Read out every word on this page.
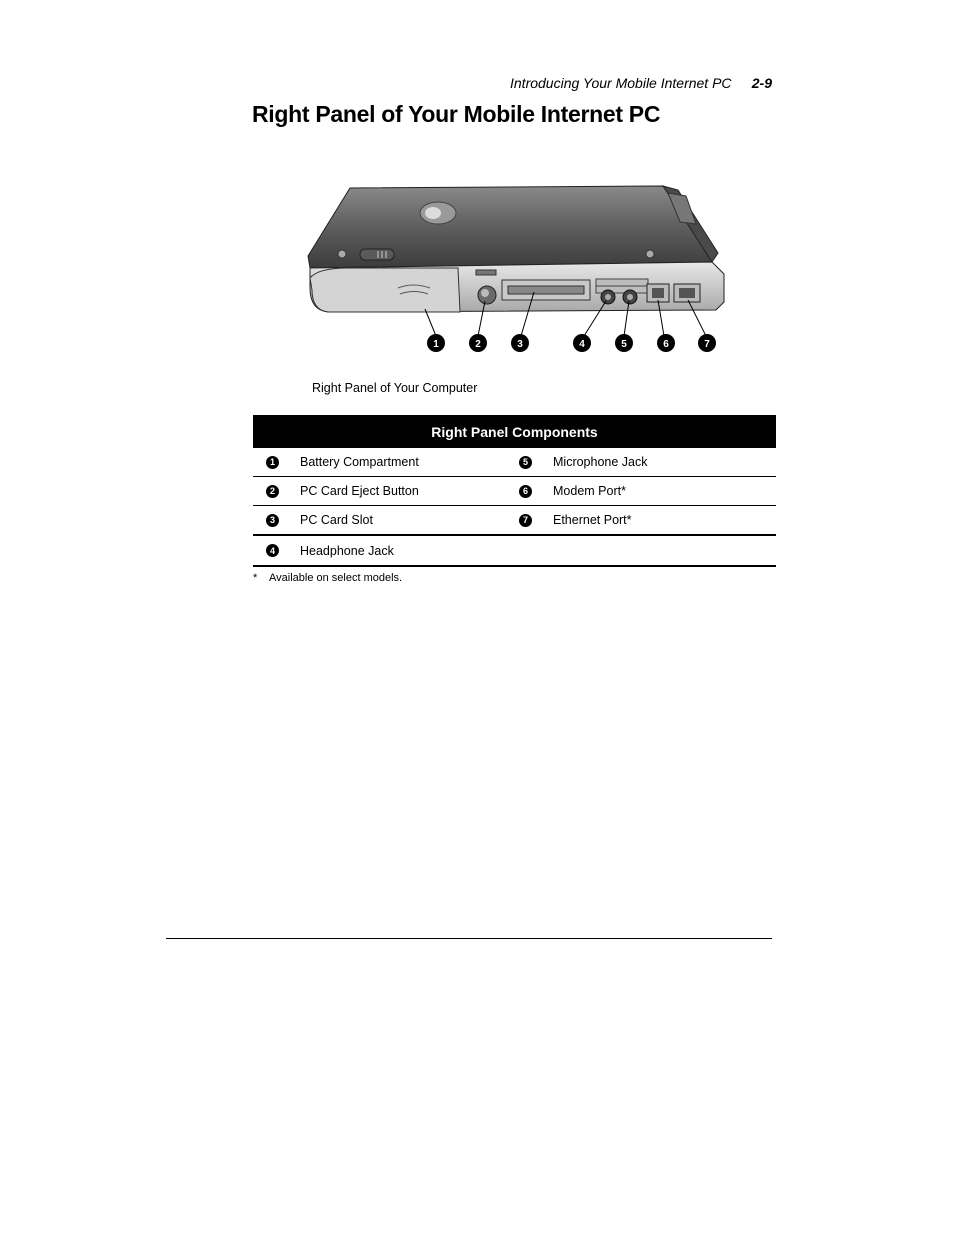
Introducing Your Mobile Internet PC 2-9
Right Panel of Your Mobile Internet PC
1	2	3	4	5	6	7
Right Panel of Your Computer
Right Panel Components
1	Battery Compartment	5	Microphone Jack
2	PC Card Eject Button	6	Modem Port*
3	PC Card Slot	7	Ethernet Port*
4	Headphone Jack
*	Available on select models.
